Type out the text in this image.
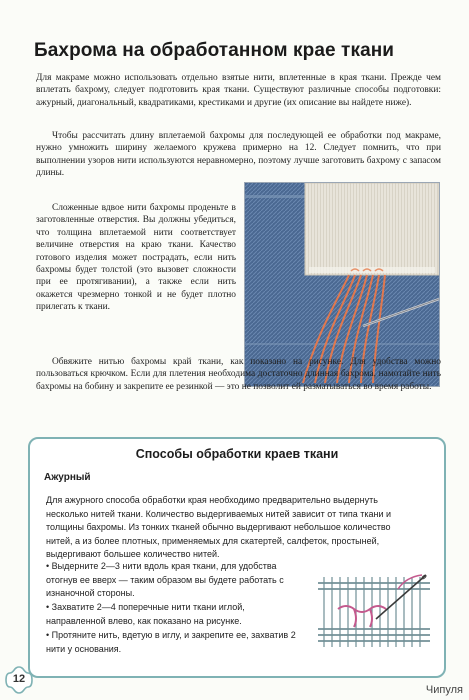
Бахрома на обработанном крае ткани

Для макраме можно использовать отдельно взятые нити, вплетенные в края ткани. Прежде чем вплетать бахрому, следует подготовить края ткани. Существуют различные способы подготовки: ажурный, диагональный, квадратиками, крестиками и другие (их описание вы найдете ниже).

Чтобы рассчитать длину вплетаемой бахромы для последующей ее обработки под макраме, нужно умножить ширину желаемого кружева примерно на 12. Следует помнить, что при выполнении узоров нити используются неравномерно, поэтому лучше заготовить бахрому с запасом длины.

Сложенные вдвое нити бахромы проденьте в заготовленные отверстия. Вы должны убедиться, что толщина вплетаемой нити соответствует величине отверстия на краю ткани. Качество готового изделия может пострадать, если нить бахромы будет толстой (это вызовет сложности при ее протягивании), а также если нить окажется чрезмерно тонкой и не будет плотно прилегать к ткани.

Обвяжите нитью бахромы край ткани, как показано на рисунке. Для удобства можно пользоваться крючком. Если для плетения необходима достаточно длинная бахрома, намотайте нить бахромы на бобину и закрепите ее резинкой — это не позволит ей разматываться во время работы.

Способы обработки краев ткани
Ажурный

Для ажурного способа обработки края необходимо предварительно выдернуть несколько нитей ткани. Количество выдергиваемых нитей зависит от типа ткани и толщины бахромы. Из тонких тканей обычно выдергивают небольшое количество нитей, а из более плотных, применяемых для скатертей, салфеток, простыней, выдергивают большее количество нитей.

• Выдерните 2—3 нити вдоль края ткани, для удобства отогнув ее вверх — таким образом вы будете работать с изнаночной стороны.

• Захватите 2—4 поперечные нити ткани иглой, направленной влево, как показано на рисунке.

• Протяните нить, вдетую в иглу, и закрепите ее, захватив 2 нити у основания.

12
Чипуля
